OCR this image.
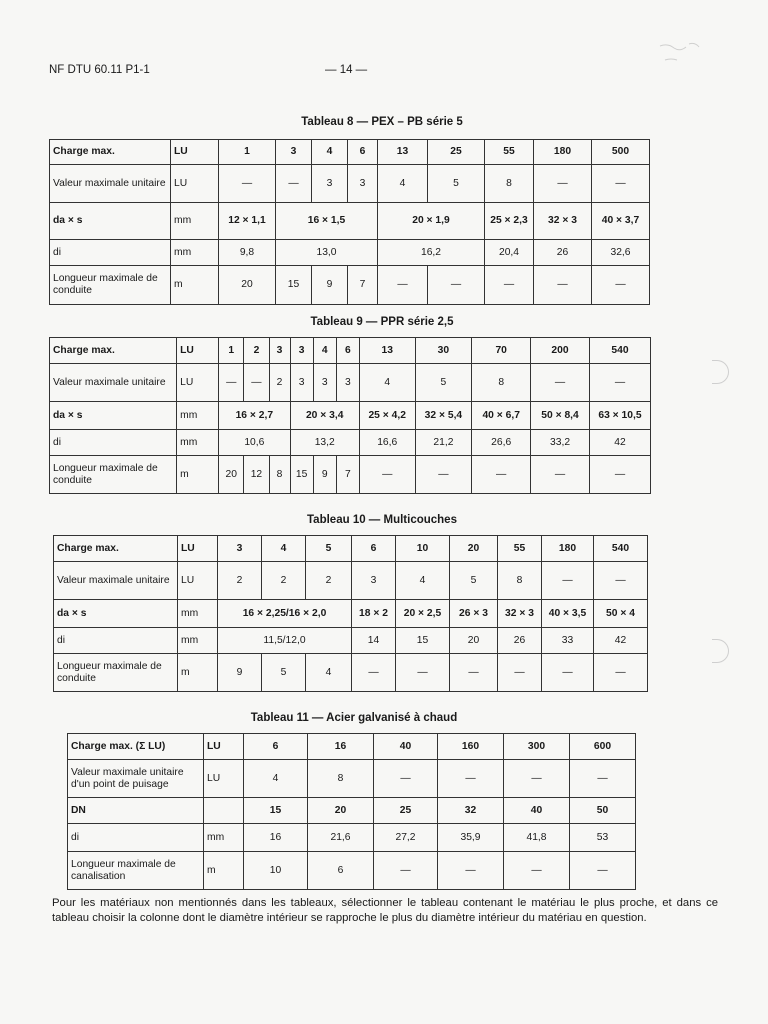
NF DTU 60.11 P1-1	— 14 —
Tableau 8 — PEX – PB série 5
Charge max.	LU	1	3	4	6	13	25	55	180	500	
Valeur maximale unitaire	LU	—	—	3	3	4	5	8	—	—	
da × s	mm	12 × 1,1	16 × 1,5			20 × 1,9		25 × 2,3	32 × 3	40 × 3,7	
di	mm	9,8	13,0			16,2		20,4	26	32,6	
Longueur maximale de conduite	m	20	15	9	7	—	—	—	—	—	
Tableau 9 — PPR série 2,5
Charge max.	LU	1	2	3	3	4	6	13	30	70	200	540
Valeur maximale unitaire	LU	—	—	2	3	3	3	4	5	8	—	—
da × s	mm	16 × 2,7			20 × 3,4			25 × 4,2	32 × 5,4	40 × 6,7	50 × 8,4	63 × 10,5
di	mm	10,6			13,2			16,6	21,2	26,6	33,2	42
Longueur maximale de conduite	m	20	12	8	15	9	7	—	—	—	—	—
Tableau 10 — Multicouches
Charge max.	LU	3	4	5	6	10	20	55	180	540
Valeur maximale unitaire	LU	2	2	2	3	4	5	8	—	—
da × s	mm	16 × 2,25/16 × 2,0			18 × 2	20 × 2,5	26 × 3	32 × 3	40 × 3,5	50 × 4
di	mm	11,5/12,0			14	15	20	26	33	42
Longueur maximale de conduite	m	9	5	4	—	—	—	—	—	—
Tableau 11 — Acier galvanisé à chaud
Charge max. (Σ LU)	LU	6	16	40	160	300	600
Valeur maximale unitaire d'un point de puisage	LU	4	8	—	—	—	—
DN		15	20	25	32	40	50
di	mm	16	21,6	27,2	35,9	41,8	53
Longueur maximale de canalisation	m	10	6	—	—	—	—
Pour les matériaux non mentionnés dans les tableaux, sélectionner le tableau contenant le matériau le plus proche, et dans ce tableau choisir la colonne dont le diamètre intérieur se rapproche le plus du diamètre intérieur du matériau en question.
